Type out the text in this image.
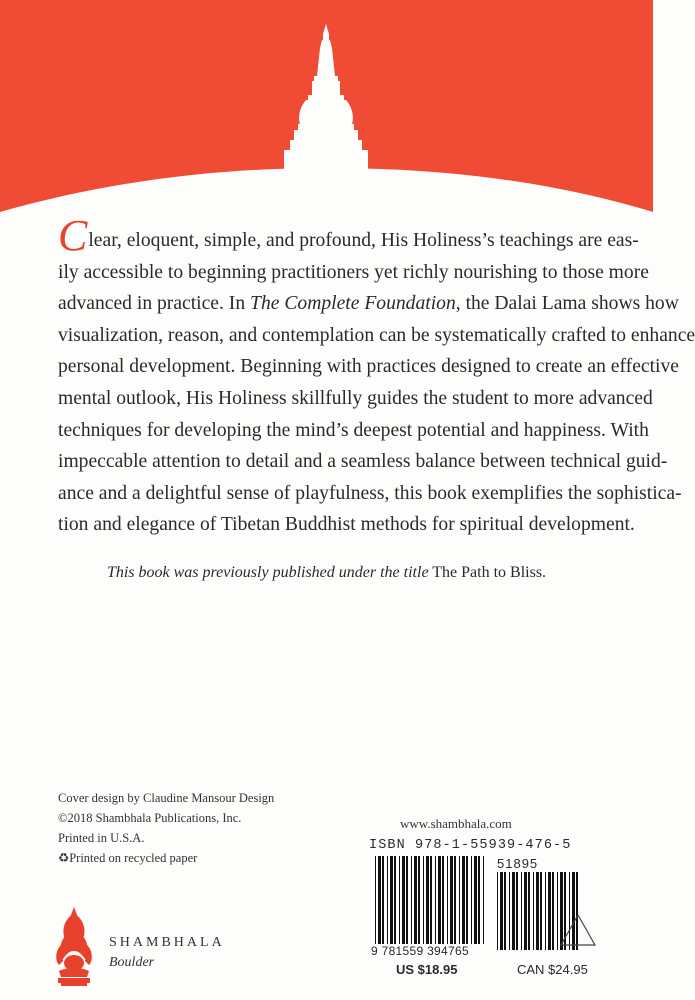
Clear, eloquent, simple, and profound, His Holiness’s teachings are eas-
ily accessible to beginning practitioners yet richly nourishing to those more
advanced in practice. In The Complete Foundation, the Dalai Lama shows how
visualization, reason, and contemplation can be systematically crafted to enhance
personal development. Beginning with practices designed to create an effective
mental outlook, His Holiness skillfully guides the student to more advanced
techniques for developing the mind’s deepest potential and happiness. With
impeccable attention to detail and a seamless balance between technical guid-
ance and a delightful sense of playfulness, this book exemplifies the sophistica-
tion and elegance of Tibetan Buddhist methods for spiritual development.
This book was previously published under the title The Path to Bliss.
Cover design by Claudine Mansour Design
©2018 Shambhala Publications, Inc.
Printed in U.S.A.
♻Printed on recycled paper
SHAMBHALA
Boulder
www.shambhala.com
ISBN 978-1-55939-476-5
51895
9 781559 394765
US $18.95	CAN $24.95
